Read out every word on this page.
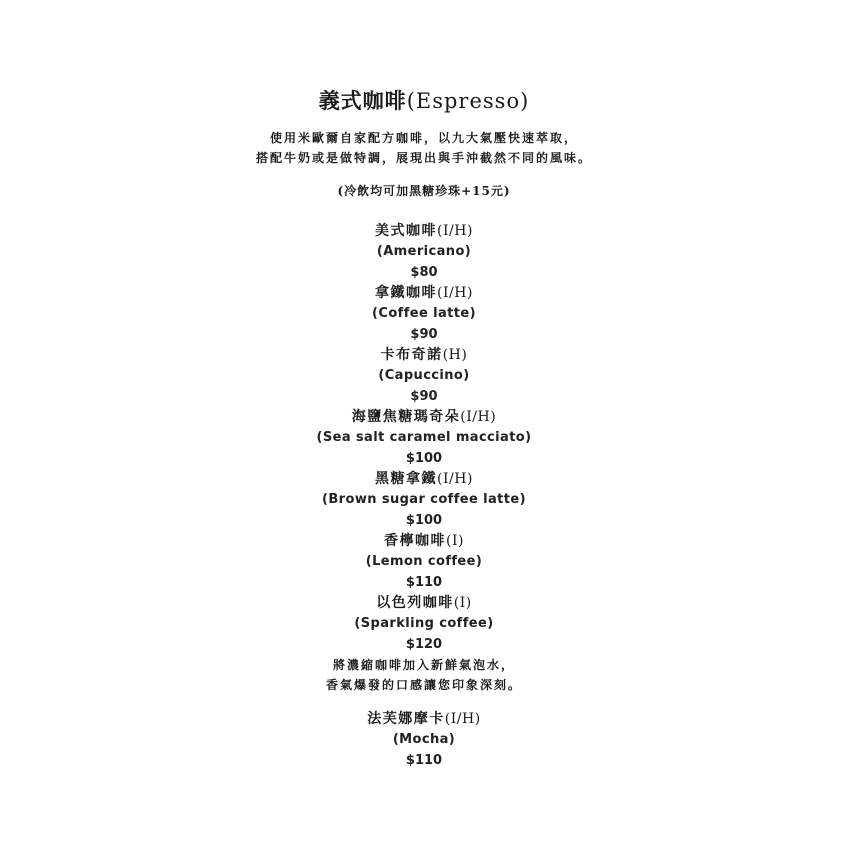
義式咖啡(Espresso)
使用米歐爾自家配方咖啡，以九大氣壓快速萃取，
搭配牛奶或是做特調，展現出與手沖截然不同的風味。
(冷飲均可加黑糖珍珠+15元)
美式咖啡(I/H)
(Americano)
$80
拿鐵咖啡(I/H)
(Coffee latte)
$90
卡布奇諾(H)
(Capuccino)
$90
海鹽焦糖瑪奇朵(I/H)
(Sea salt caramel macciato)
$100
黑糖拿鐵(I/H)
(Brown sugar coffee latte)
$100
香檸咖啡(I)
(Lemon coffee)
$110
以色列咖啡(I)
(Sparkling coffee)
$120
將濃縮咖啡加入新鮮氣泡水，
香氣爆發的口感讓您印象深刻。
法芙娜摩卡(I/H)
(Mocha)
$110
